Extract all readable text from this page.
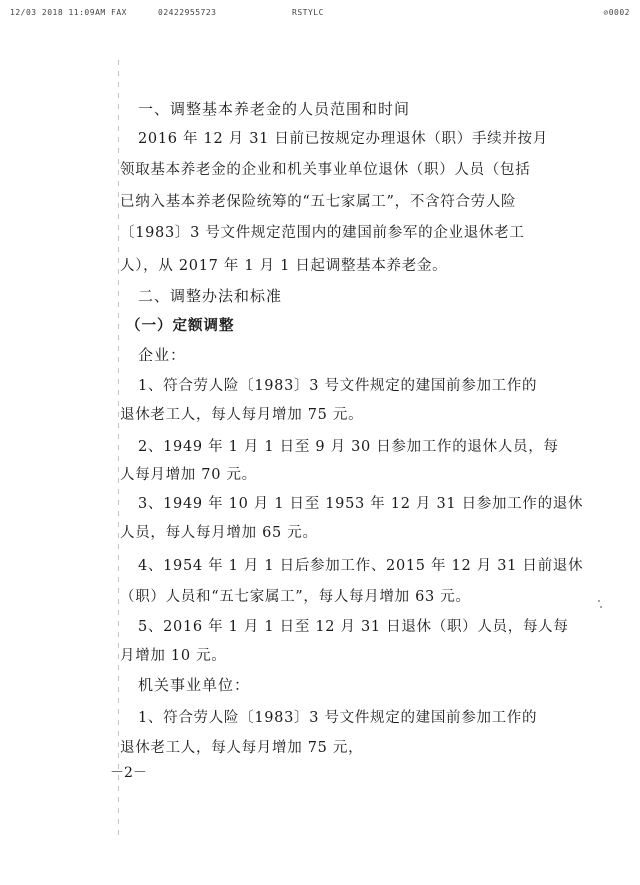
12/03 2018 11:09AM FAX	02422955723	RSTYLC	⊘0002
一、调整基本养老金的人员范围和时间
2016 年 12 月 31 日前已按规定办理退休（职）手续并按月
领取基本养老金的企业和机关事业单位退休（职）人员（包括
已纳入基本养老保险统筹的“五七家属工”，不含符合劳人险
〔1983〕3 号文件规定范围内的建国前参军的企业退休老工
人），从 2017 年 1 月 1 日起调整基本养老金。
二、调整办法和标准
（一）定额调整
企业：
1、符合劳人险〔1983〕3 号文件规定的建国前参加工作的
退休老工人，每人每月增加 75 元。
2、1949 年 1 月 1 日至 9 月 30 日参加工作的退休人员，每
人每月增加 70 元。
3、1949 年 10 月 1 日至 1953 年 12 月 31 日参加工作的退休
人员，每人每月增加 65 元。
4、1954 年 1 月 1 日后参加工作、2015 年 12 月 31 日前退休
（职）人员和“五七家属工”，每人每月增加 63 元。
5、2016 年 1 月 1 日至 12 月 31 日退休（职）人员，每人每
月增加 10 元。
机关事业单位：
1、符合劳人险〔1983〕3 号文件规定的建国前参加工作的
退休老工人，每人每月增加 75 元，
－2－
